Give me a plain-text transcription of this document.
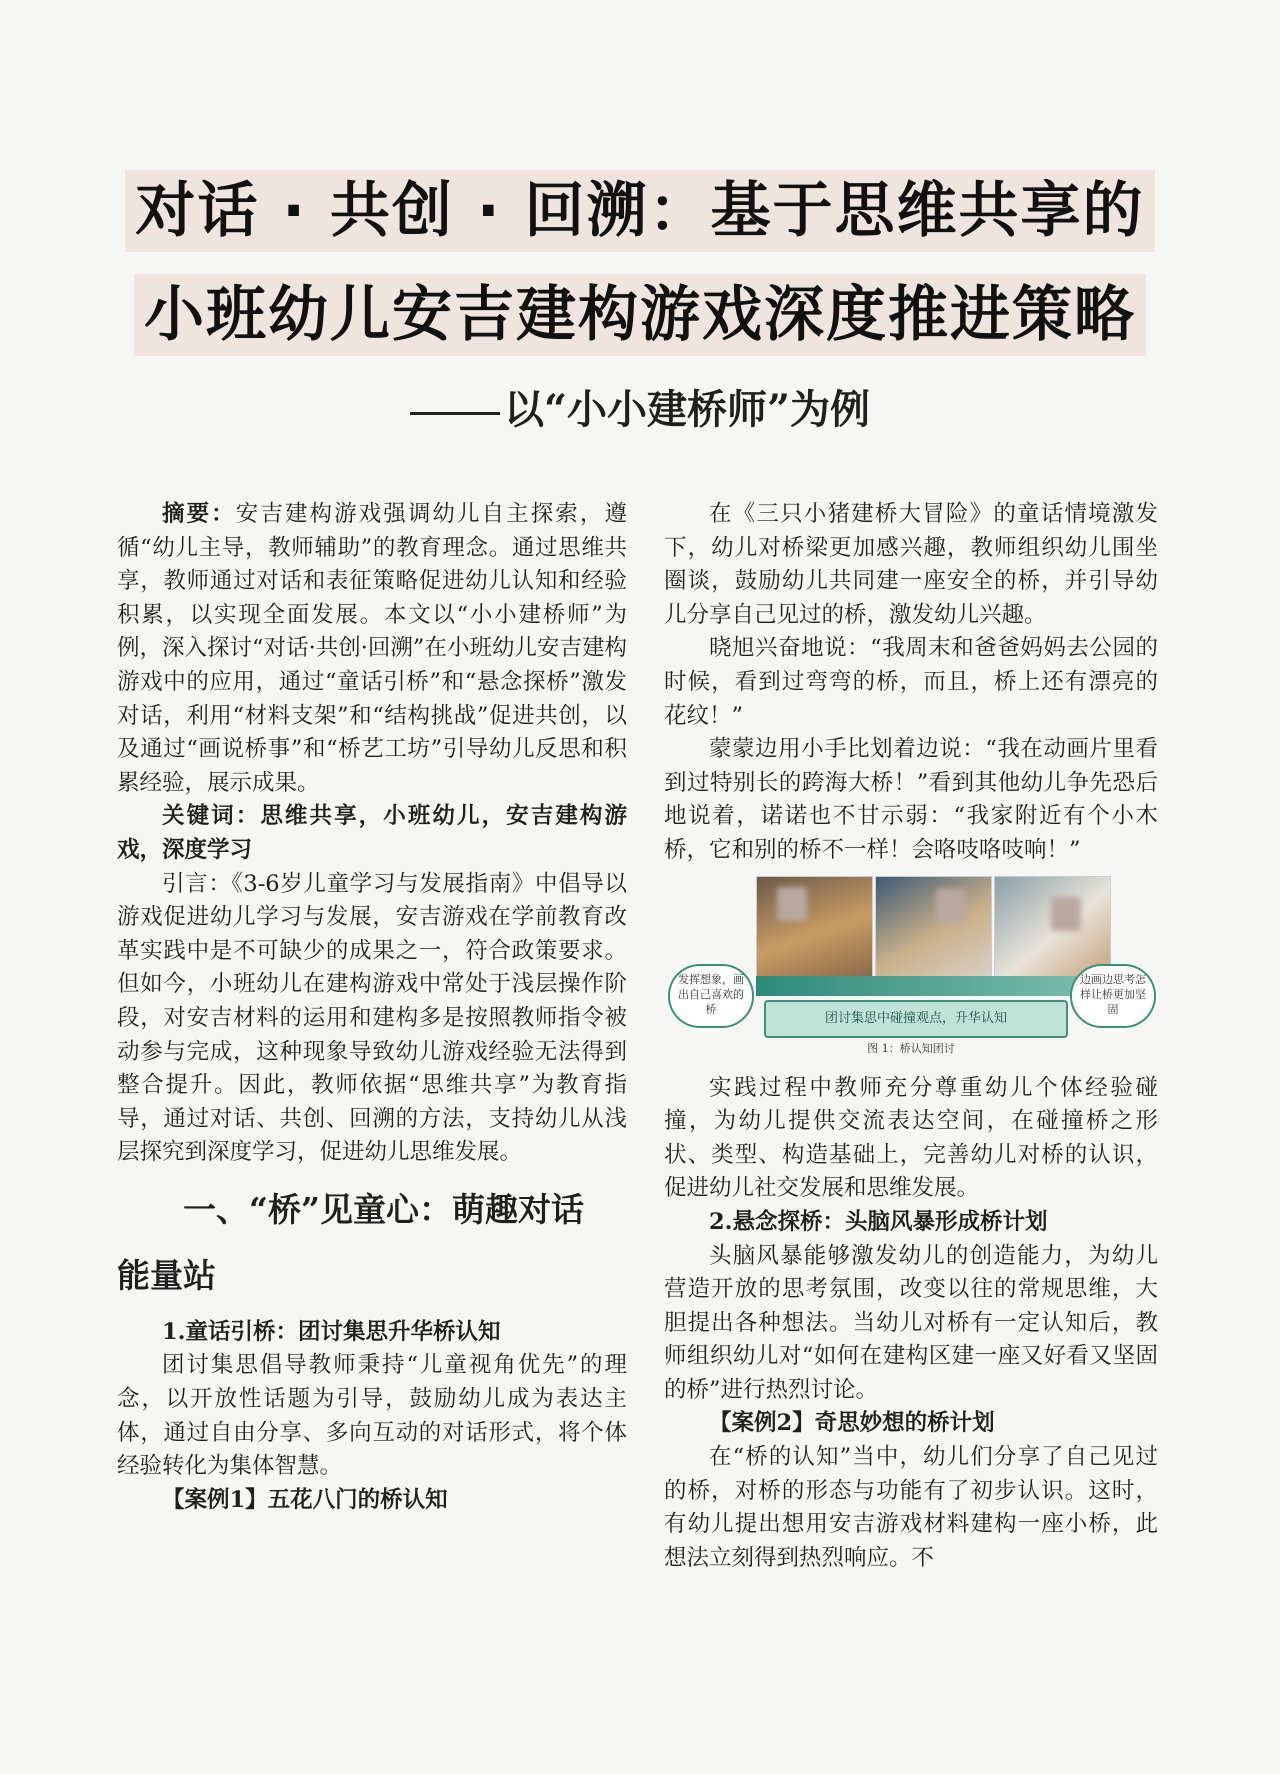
对话 · 共创 · 回溯：基于思维共享的
小班幼儿安吉建构游戏深度推进策略
以“小小建桥师”为例

摘要：安吉建构游戏强调幼儿自主探索，遵循“幼儿主导，教师辅助”的教育理念。通过思维共享，教师通过对话和表征策略促进幼儿认知和经验积累，以实现全面发展。本文以“小小建桥师”为例，深入探讨“对话·共创·回溯”在小班幼儿安吉建构游戏中的应用，通过“童话引桥”和“悬念探桥”激发对话，利用“材料支架”和“结构挑战”促进共创，以及通过“画说桥事”和“桥艺工坊”引导幼儿反思和积累经验，展示成果。

关键词：思维共享，小班幼儿，安吉建构游戏，深度学习

引言：《3-6岁儿童学习与发展指南》中倡导以游戏促进幼儿学习与发展，安吉游戏在学前教育改革实践中是不可缺少的成果之一，符合政策要求。但如今，小班幼儿在建构游戏中常处于浅层操作阶段，对安吉材料的运用和建构多是按照教师指令被动参与完成，这种现象导致幼儿游戏经验无法得到整合提升。因此，教师依据“思维共享”为教育指导，通过对话、共创、回溯的方法，支持幼儿从浅层探究到深度学习，促进幼儿思维发展。

一、“桥”见童心：萌趣对话

能量站

1.童话引桥：团讨集思升华桥认知

团讨集思倡导教师秉持“儿童视角优先”的理念，以开放性话题为引导，鼓励幼儿成为表达主体，通过自由分享、多向互动的对话形式，将个体经验转化为集体智慧。

【案例1】五花八门的桥认知

在《三只小猪建桥大冒险》的童话情境激发下，幼儿对桥梁更加感兴趣，教师组织幼儿围坐圈谈，鼓励幼儿共同建一座安全的桥，并引导幼儿分享自己见过的桥，激发幼儿兴趣。

晓旭兴奋地说：“我周末和爸爸妈妈去公园的时候，看到过弯弯的桥，而且，桥上还有漂亮的花纹！”

蒙蒙边用小手比划着边说：“我在动画片里看到过特别长的跨海大桥！”看到其他幼儿争先恐后地说着，诺诺也不甘示弱：“我家附近有个小木桥，它和别的桥不一样！会咯吱咯吱响！”

发挥想象，画出自己喜欢的桥
边画边思考怎样让桥更加坚固
团讨集思中碰撞观点，升华认知
图 1：桥认知团讨

实践过程中教师充分尊重幼儿个体经验碰撞，为幼儿提供交流表达空间，在碰撞桥之形状、类型、构造基础上，完善幼儿对桥的认识，促进幼儿社交发展和思维发展。

2.悬念探桥：头脑风暴形成桥计划

头脑风暴能够激发幼儿的创造能力，为幼儿营造开放的思考氛围，改变以往的常规思维，大胆提出各种想法。当幼儿对桥有一定认知后，教师组织幼儿对“如何在建构区建一座又好看又坚固的桥”进行热烈讨论。

【案例2】奇思妙想的桥计划

在“桥的认知”当中，幼儿们分享了自己见过的桥，对桥的形态与功能有了初步认识。这时，有幼儿提出想用安吉游戏材料建构一座小桥，此想法立刻得到热烈响应。不
